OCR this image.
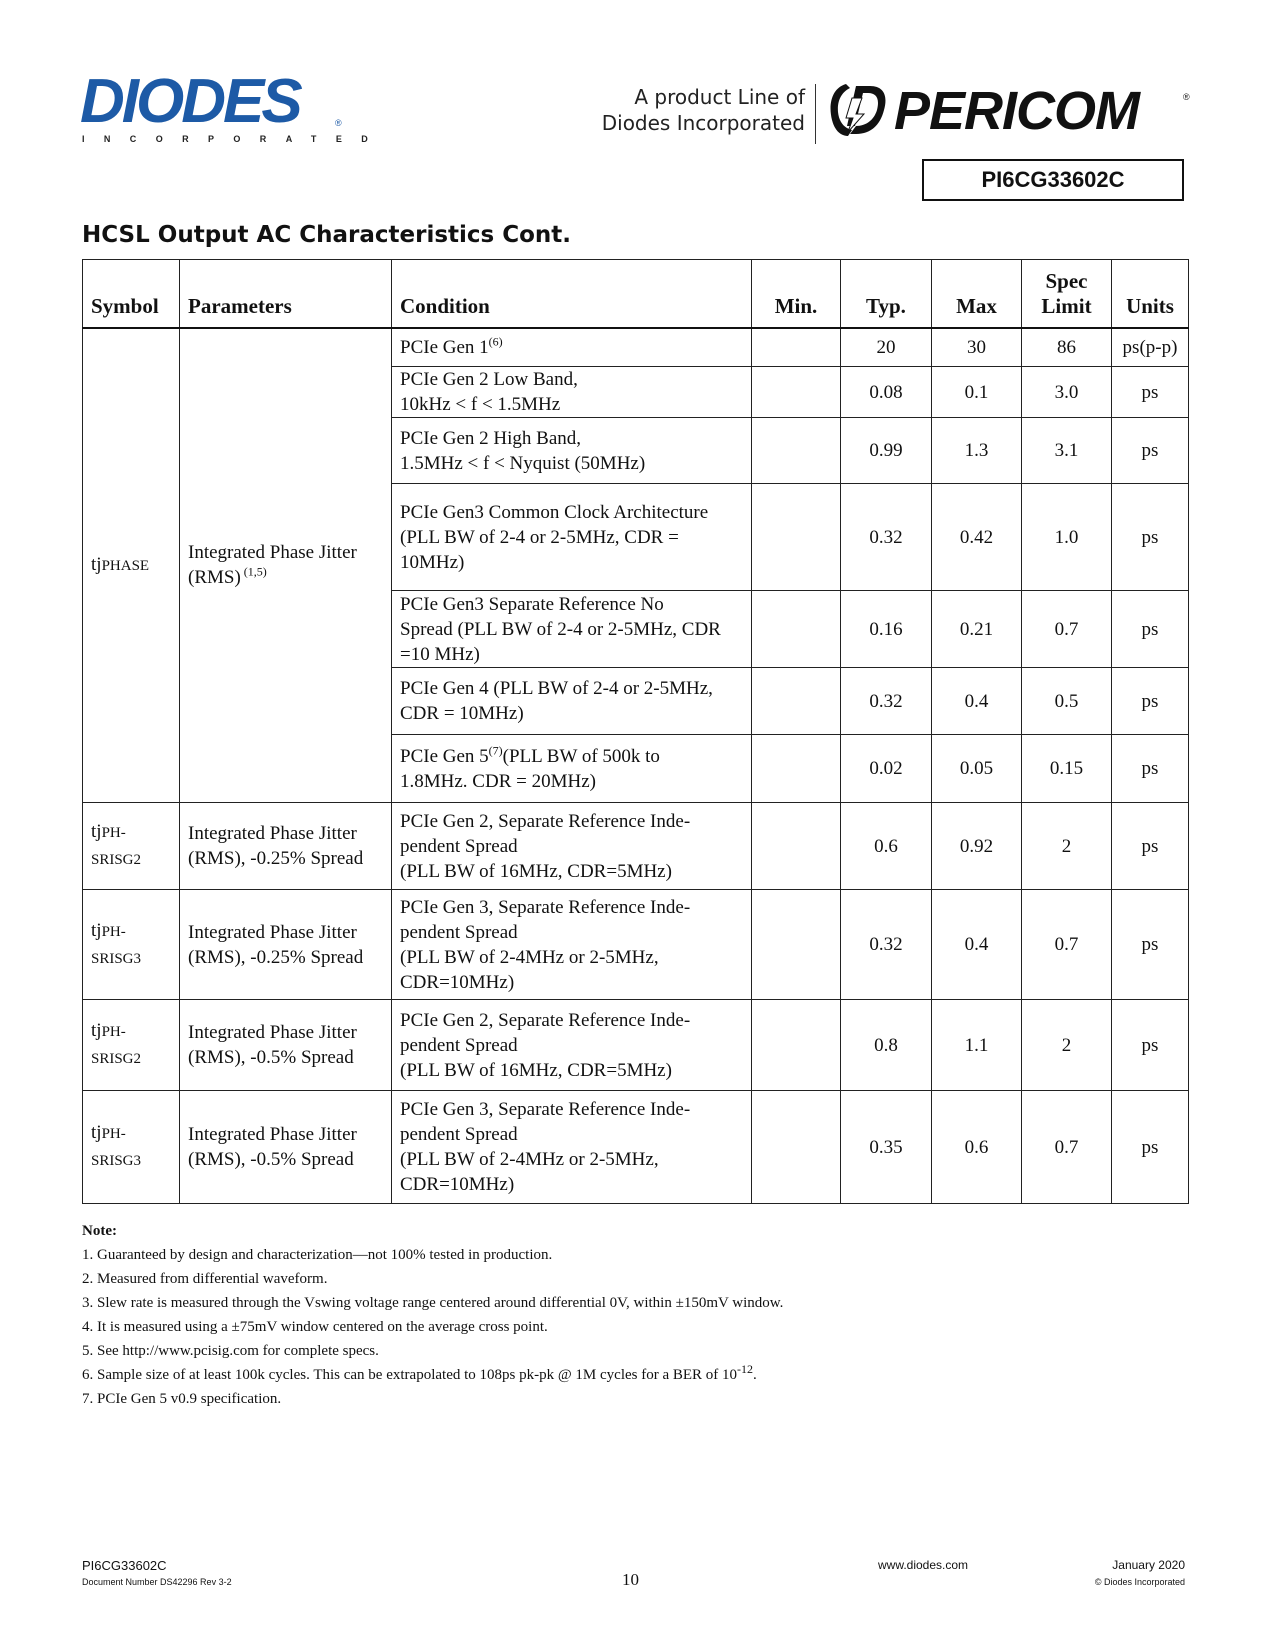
DIODES
INCORPORATED
®
A product Line of
Diodes Incorporated PERICOM	®
PI6CG33602C
HCSL Output AC Characteristics Cont.
Symbol	Parameters	Condition	Min.	Typ.	Max	Spec
Limit	Units
tjPHASE	Integrated Phase Jitter
(RMS) $^{(1,5)}$	PCIe Gen 1$^{(6)}$		20	30	86	ps(p-p)
		PCIe Gen 2 Low Band,
10kHz < f < 1.5MHz		0.08	0.1	3.0	ps
		PCIe Gen 2 High Band,
1.5MHz < f < Nyquist (50MHz)		0.99	1.3	3.1	ps
		PCIe Gen3 Common Clock Architecture
(PLL BW of 2-4 or 2-5MHz, CDR =
10MHz)		0.32	0.42	1.0	ps
		PCIe Gen3 Separate Reference No
Spread (PLL BW of 2-4 or 2-5MHz, CDR
=10 MHz)		0.16	0.21	0.7	ps
		PCIe Gen 4 (PLL BW of 2-4 or 2-5MHz,
CDR = 10MHz)		0.32	0.4	0.5	ps
		PCIe Gen 5$^{(7)}$(PLL BW of 500k to
1.8MHz. CDR = 20MHz)		0.02	0.05	0.15	ps
tjPH-
SRISG2	Integrated Phase Jitter
(RMS), -0.25% Spread	PCIe Gen 2, Separate Reference Inde-
pendent Spread
(PLL BW of 16MHz, CDR=5MHz)		0.6	0.92	2	ps
tjPH-
SRISG3	Integrated Phase Jitter
(RMS), -0.25% Spread	PCIe Gen 3, Separate Reference Inde-
pendent Spread
(PLL BW of 2-4MHz or 2-5MHz,
CDR=10MHz)		0.32	0.4	0.7	ps
tjPH-
SRISG2	Integrated Phase Jitter
(RMS), -0.5% Spread	PCIe Gen 2, Separate Reference Inde-
pendent Spread
(PLL BW of 16MHz, CDR=5MHz)		0.8	1.1	2	ps
tjPH-
SRISG3	Integrated Phase Jitter
(RMS), -0.5% Spread	PCIe Gen 3, Separate Reference Inde-
pendent Spread
(PLL BW of 2-4MHz or 2-5MHz,
CDR=10MHz)		0.35	0.6	0.7	ps
Note:
1. Guaranteed by design and characterization—not 100% tested in production.
2. Measured from differential waveform.
3. Slew rate is measured through the Vswing voltage range centered around differential 0V, within ±150mV window.
4. It is measured using a ±75mV window centered on the average cross point.
5. See http://www.pcisig.com for complete specs.
6. Sample size of at least 100k cycles. This can be extrapolated to 108ps pk-pk @ 1M cycles for a BER of $10^{-12}$.
7. PCIe Gen 5 v0.9 specification.
PI6CG33602C
Document Number DS42296 Rev 3-2	10
www.diodes.com	January 2020
© Diodes Incorporated
